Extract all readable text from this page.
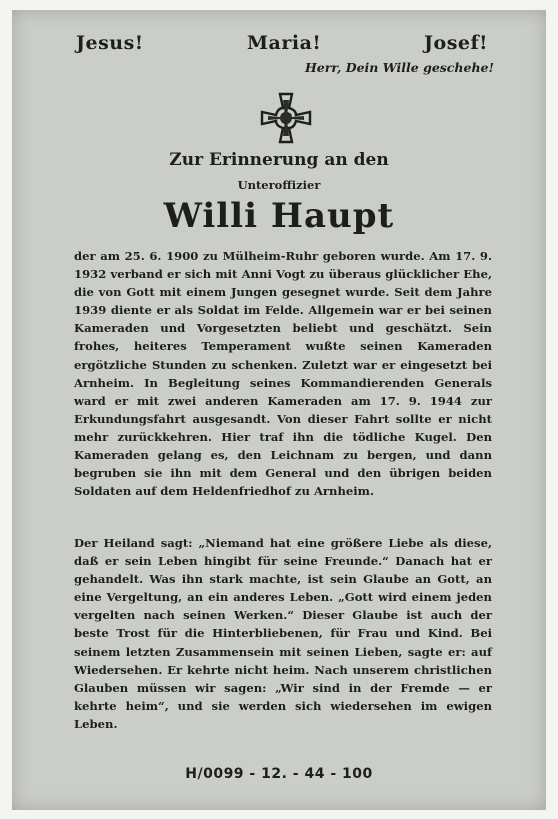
Jesus!	Maria!	Josef!
Herr, Dein Wille geschehe!
Zur Erinnerung an den
Unteroffizier
Willi Haupt

der am 25. 6. 1900 zu Mülheim-Ruhr geboren wurde. Am 17. 9. 1932 verband er sich mit Anni Vogt zu überaus glücklicher Ehe, die von Gott mit einem Jungen gesegnet wurde. Seit dem Jahre 1939 diente er als Soldat im Felde. Allgemein war er bei seinen Kameraden und Vorgesetzten beliebt und geschätzt. Sein frohes, heiteres Temperament wußte seinen Kameraden ergötzliche Stunden zu schenken. Zuletzt war er eingesetzt bei Arnheim. In Begleitung seines Kommandierenden Generals ward er mit zwei anderen Kameraden am 17. 9. 1944 zur Erkundungsfahrt ausgesandt. Von dieser Fahrt sollte er nicht mehr zurückkehren. Hier traf ihn die tödliche Kugel. Den Kameraden gelang es, den Leichnam zu bergen, und dann begruben sie ihn mit dem General und den übrigen beiden Soldaten auf dem Heldenfriedhof zu Arnheim.

Der Heiland sagt: „Niemand hat eine größere Liebe als diese, daß er sein Leben hingibt für seine Freunde.“ Danach hat er gehandelt. Was ihn stark machte, ist sein Glaube an Gott, an eine Vergeltung, an ein anderes Leben. „Gott wird einem jeden vergelten nach seinen Werken.“ Dieser Glaube ist auch der beste Trost für die Hinterbliebenen, für Frau und Kind. Bei seinem letzten Zusammensein mit seinen Lieben, sagte er: auf Wiedersehen. Er kehrte nicht heim. Nach unserem christlichen Glauben müssen wir sagen: „Wir sind in der Fremde — er kehrte heim“, und sie werden sich wiedersehen im ewigen Leben.

H/0099 - 12. - 44 - 100
